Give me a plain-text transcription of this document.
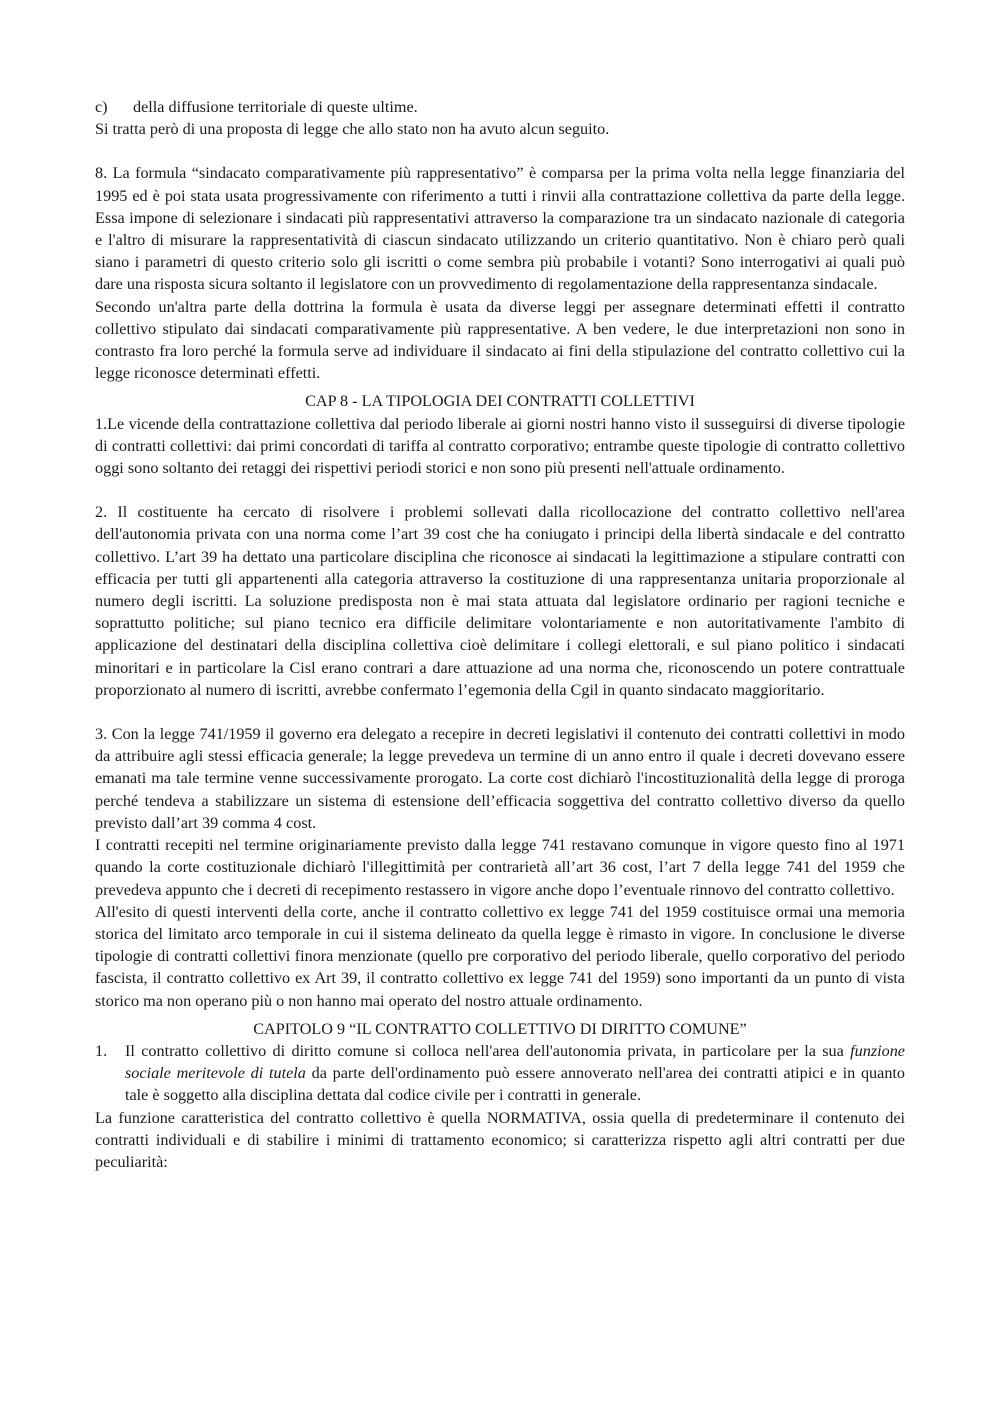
c)	della diffusione territoriale di queste ultime.

Si tratta però di una proposta di legge che allo stato non ha avuto alcun seguito.

8. La formula “sindacato comparativamente più rappresentativo” è comparsa per la prima volta nella legge finanziaria del 1995 ed è poi stata usata progressivamente con riferimento a tutti i rinvii alla contrattazione collettiva da parte della legge. Essa impone di selezionare i sindacati più rappresentativi attraverso la comparazione tra un sindacato nazionale di categoria e l'altro di misurare la rappresentatività di ciascun sindacato utilizzando un criterio quantitativo. Non è chiaro però quali siano i parametri di questo criterio solo gli iscritti o come sembra più probabile i votanti? Sono interrogativi ai quali può dare una risposta sicura soltanto il legislatore con un provvedimento di regolamentazione della rappresentanza sindacale.

Secondo un'altra parte della dottrina la formula è usata da diverse leggi per assegnare determinati effetti il contratto collettivo stipulato dai sindacati comparativamente più rappresentative. A ben vedere, le due interpretazioni non sono in contrasto fra loro perché la formula serve ad individuare il sindacato ai fini della stipulazione del contratto collettivo cui la legge riconosce determinati effetti.

CAP 8 - LA TIPOLOGIA DEI CONTRATTI COLLETTIVI

1.Le vicende della contrattazione collettiva dal periodo liberale ai giorni nostri hanno visto il susseguirsi di diverse tipologie di contratti collettivi: dai primi concordati di tariffa al contratto corporativo; entrambe queste tipologie di contratto collettivo oggi sono soltanto dei retaggi dei rispettivi periodi storici e non sono più presenti nell'attuale ordinamento.

2. Il costituente ha cercato di risolvere i problemi sollevati dalla ricollocazione del contratto collettivo nell'area dell'autonomia privata con una norma come l’art 39 cost che ha coniugato i principi della libertà sindacale e del contratto collettivo. L’art 39 ha dettato una particolare disciplina che riconosce ai sindacati la legittimazione a stipulare contratti con efficacia per tutti gli appartenenti alla categoria attraverso la costituzione di una rappresentanza unitaria proporzionale al numero degli iscritti. La soluzione predisposta non è mai stata attuata dal legislatore ordinario per ragioni tecniche e soprattutto politiche; sul piano tecnico era difficile delimitare volontariamente e non autoritativamente l'ambito di applicazione del destinatari della disciplina collettiva cioè delimitare i collegi elettorali, e sul piano politico i sindacati minoritari e in particolare la Cisl erano contrari a dare attuazione ad una norma che, riconoscendo un potere contrattuale proporzionato al numero di iscritti, avrebbe confermato l’egemonia della Cgil in quanto sindacato maggioritario.

3. Con la legge 741/1959 il governo era delegato a recepire in decreti legislativi il contenuto dei contratti collettivi in modo da attribuire agli stessi efficacia generale; la legge prevedeva un termine di un anno entro il quale i decreti dovevano essere emanati ma tale termine venne successivamente prorogato. La corte cost dichiarò l'incostituzionalità della legge di proroga perché tendeva a stabilizzare un sistema di estensione dell’efficacia soggettiva del contratto collettivo diverso da quello previsto dall’art 39 comma 4 cost.

I contratti recepiti nel termine originariamente previsto dalla legge 741 restavano comunque in vigore questo fino al 1971 quando la corte costituzionale dichiarò l'illegittimità per contrarietà all’art 36 cost, l’art 7 della legge 741 del 1959 che prevedeva appunto che i decreti di recepimento restassero in vigore anche dopo l’eventuale rinnovo del contratto collettivo.

All'esito di questi interventi della corte, anche il contratto collettivo ex legge 741 del 1959 costituisce ormai una memoria storica del limitato arco temporale in cui il sistema delineato da quella legge è rimasto in vigore. In conclusione le diverse tipologie di contratti collettivi finora menzionate (quello pre corporativo del periodo liberale, quello corporativo del periodo fascista, il contratto collettivo ex Art 39, il contratto collettivo ex legge 741 del 1959) sono importanti da un punto di vista storico ma non operano più o non hanno mai operato del nostro attuale ordinamento.

CAPITOLO 9 “IL CONTRATTO COLLETTIVO DI DIRITTO COMUNE”

1.	Il contratto collettivo di diritto comune si colloca nell'area dell'autonomia privata, in particolare per la sua funzione sociale meritevole di tutela da parte dell'ordinamento può essere annoverato nell'area dei contratti atipici e in quanto tale è soggetto alla disciplina dettata dal codice civile per i contratti in generale.

La funzione caratteristica del contratto collettivo è quella NORMATIVA, ossia quella di predeterminare il contenuto dei contratti individuali e di stabilire i minimi di trattamento economico; si caratterizza rispetto agli altri contratti per due peculiarità:
